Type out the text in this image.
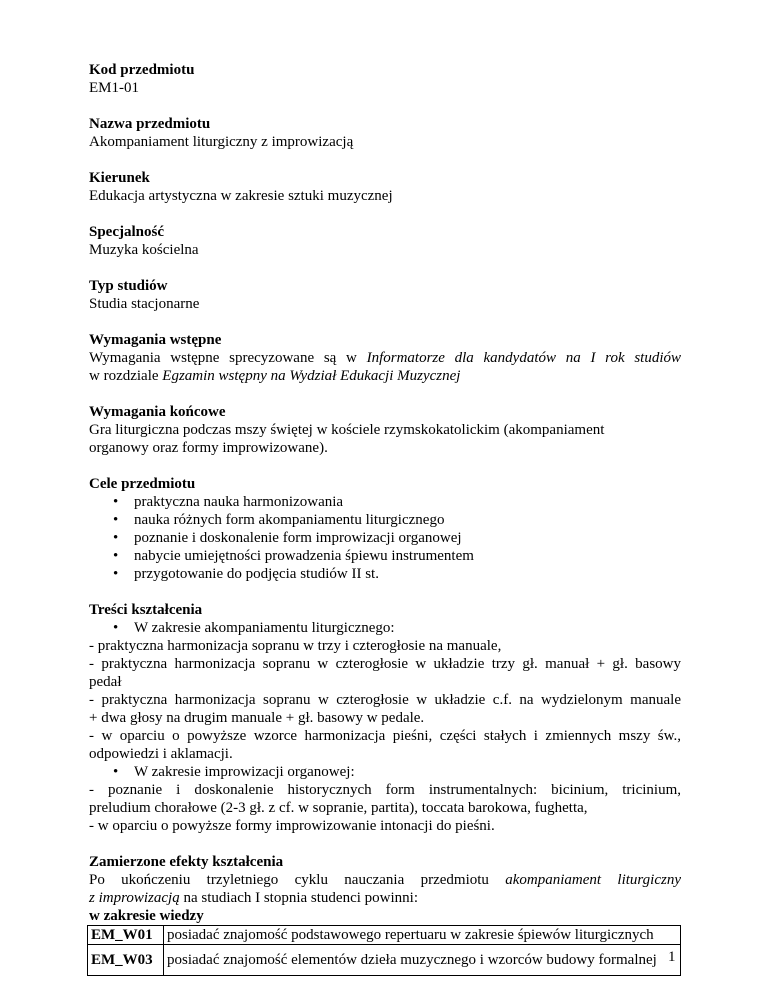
Kod przedmiotu
EM1-01
Nazwa przedmiotu
Akompaniament liturgiczny z improwizacją
Kierunek
Edukacja artystyczna w zakresie sztuki muzycznej
Specjalność
Muzyka kościelna
Typ studiów
Studia stacjonarne
Wymagania wstępne
Wymagania wstępne sprecyzowane są w Informatorze dla kandydatów na I rok studiów
w rozdziale Egzamin wstępny na Wydział Edukacji Muzycznej
Wymagania końcowe
Gra liturgiczna podczas mszy świętej w kościele rzymskokatolickim (akompaniament
organowy oraz formy improwizowane).
Cele przedmiotu
• praktyczna nauka harmonizowania
• nauka różnych form akompaniamentu liturgicznego
• poznanie i doskonalenie form improwizacji organowej
• nabycie umiejętności prowadzenia śpiewu instrumentem
• przygotowanie do podjęcia studiów II st.
Treści kształcenia
• W zakresie akompaniamentu liturgicznego:
- praktyczna harmonizacja sopranu w trzy i czterogłosie na manuale,
- praktyczna harmonizacja sopranu w czterogłosie w układzie trzy gł. manuał + gł. basowy
pedał
- praktyczna harmonizacja sopranu w czterogłosie w układzie c.f. na wydzielonym manuale
+ dwa głosy na drugim manuale + gł. basowy w pedale.
- w oparciu o powyższe wzorce harmonizacja pieśni, części stałych i zmiennych mszy św.,
odpowiedzi i aklamacji.
• W zakresie improwizacji organowej:
- poznanie i doskonalenie historycznych form instrumentalnych: bicinium, tricinium,
preludium chorałowe (2-3 gł. z cf. w sopranie, partita), toccata barokowa, fughetta,
- w oparciu o powyższe formy improwizowanie intonacji do pieśni.
Zamierzone efekty kształcenia
Po ukończeniu trzyletniego cyklu nauczania przedmiotu akompaniament liturgiczny
z improwizacją na studiach I stopnia studenci powinni:
w zakresie wiedzy
EM_W01	posiadać znajomość podstawowego repertuaru w zakresie śpiewów liturgicznych
EM_W03	posiadać znajomość elementów dzieła muzycznego i wzorców budowy formalnej 1
